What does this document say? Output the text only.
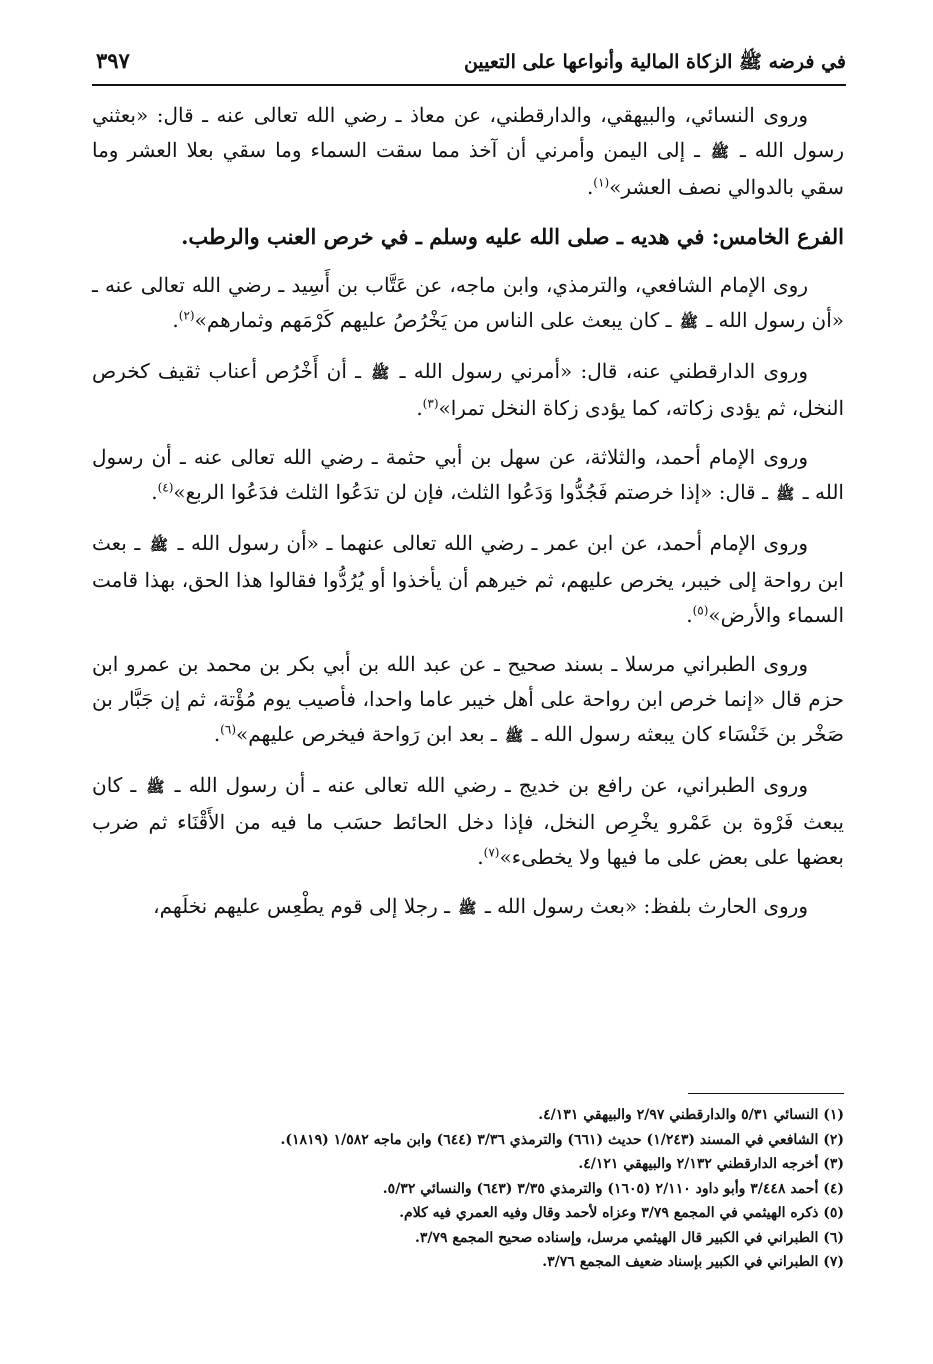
في فرضه ﷺ الزكاة المالية وأنواعها على التعيين
٣٩٧

وروى النسائي، والبيهقي، والدارقطني، عن معاذ ـ رضي الله تعالى عنه ـ قال: «بعثني رسول الله ـ ﷺ ـ إلى اليمن وأمرني أن آخذ مما سقت السماء وما سقي بعلا العشر وما سقي بالدوالي نصف العشر»$^{(١)}$.

الفرع الخامس: في هديه ـ صلى الله عليه وسلم ـ في خرص العنب والرطب.

روى الإمام الشافعي، والترمذي، وابن ماجه، عن عَتَّاب بن أَسِيد ـ رضي الله تعالى عنه ـ «أن رسول الله ـ ﷺ ـ كان يبعث على الناس من يَخْرُصُ عليهم كَرْمَهم وثمارهم»$^{(٢)}$.

وروى الدارقطني عنه، قال: «أمرني رسول الله ـ ﷺ ـ أن أَخْرُص أعناب ثقيف كخرص النخل، ثم يؤدى زكاته، كما يؤدى زكاة النخل تمرا»$^{(٣)}$.

وروى الإمام أحمد، والثلاثة، عن سهل بن أبي حثمة ـ رضي الله تعالى عنه ـ أن رسول الله ـ ﷺ ـ قال: «إذا خرصتم فَجُدُّوا وَدَعُوا الثلث، فإن لن تدَعُوا الثلث فدَعُوا الربع»$^{(٤)}$.

وروى الإمام أحمد، عن ابن عمر ـ رضي الله تعالى عنهما ـ «أن رسول الله ـ ﷺ ـ بعث ابن رواحة إلى خيبر، يخرص عليهم، ثم خيرهم أن يأخذوا أو يُرُدُّوا فقالوا هذا الحق، بهذا قامت السماء والأرض»$^{(٥)}$.

وروى الطبراني مرسلا ـ بسند صحيح ـ عن عبد الله بن أبي بكر بن محمد بن عمرو ابن حزم قال «إنما خرص ابن رواحة على أهل خيبر عاما واحدا، فأصيب يوم مُؤْتة، ثم إن جَبَّار بن صَخْر بن خَنْسَاء كان يبعثه رسول الله ـ ﷺ ـ بعد ابن رَواحة فيخرص عليهم»$^{(٦)}$.

وروى الطبراني، عن رافع بن خديج ـ رضي الله تعالى عنه ـ أن رسول الله ـ ﷺ ـ كان يبعث فَرْوة بن عَمْرو يخْرِص النخل، فإذا دخل الحائط حسَب ما فيه من الأَقْنَاء ثم ضرب بعضها على بعض على ما فيها ولا يخطىء»$^{(٧)}$.

وروى الحارث بلفظ: «بعث رسول الله ـ ﷺ ـ رجلا إلى قوم يطْعِس عليهم نخلَهم،

(١) النسائي ٥/٣١ والدارقطني ٢/٩٧ والبيهقي ٤/١٣١.

(٢) الشافعي في المسند (١/٢٤٣) حديث (٦٦١) والترمذي ٣/٣٦ (٦٤٤) وابن ماجه ١/٥٨٢ (١٨١٩).

(٣) أخرجه الدارقطني ٢/١٣٢ والبيهقي ٤/١٢١.

(٤) أحمد ٣/٤٤٨ وأبو داود ٢/١١٠ (١٦٠٥) والترمذي ٣/٣٥ (٦٤٣) والنسائي ٥/٣٢.

(٥) ذكره الهيثمي في المجمع ٣/٧٩ وعزاه لأحمد وقال وفيه العمري فيه كلام.

(٦) الطبراني في الكبير قال الهيثمي مرسل، وإسناده صحيح المجمع ٣/٧٩.

(٧) الطبراني في الكبير بإسناد ضعيف المجمع ٣/٧٦.
